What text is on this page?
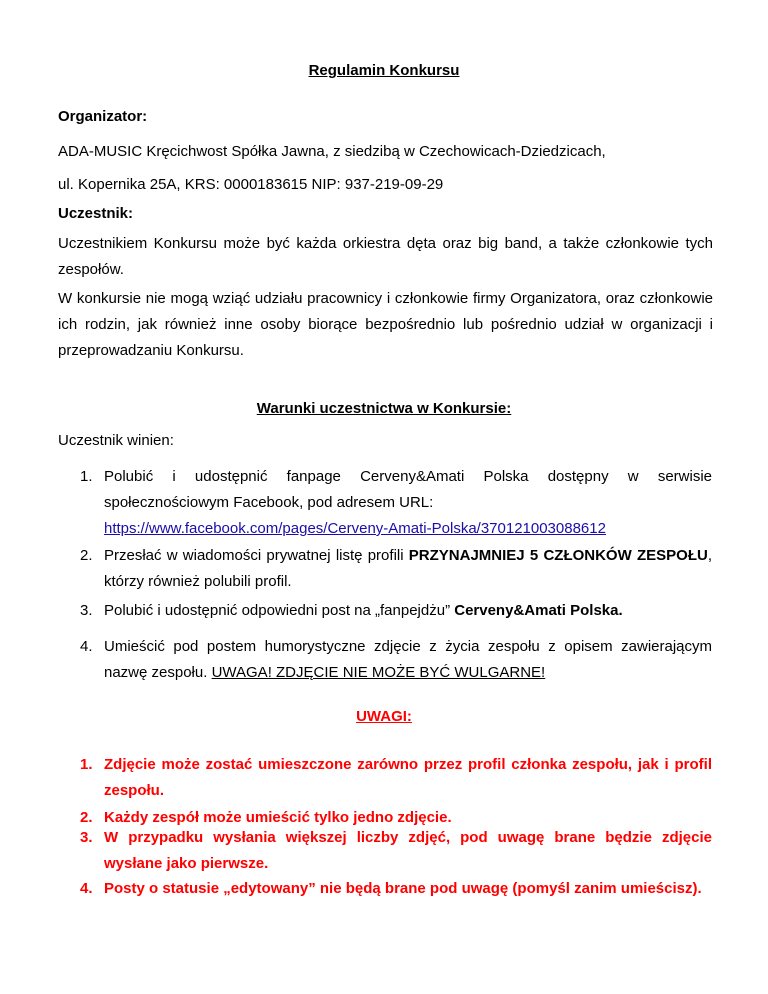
Regulamin Konkursu
Organizator:
ADA-MUSIC Kręcichwost Spółka Jawna, z siedzibą w Czechowicach-Dziedzicach,
ul. Kopernika 25A, KRS: 0000183615 NIP: 937-219-09-29
Uczestnik:
Uczestnikiem Konkursu może być każda orkiestra dęta oraz big band, a także członkowie tych zespołów.
W konkursie nie mogą wziąć udziału pracownicy i członkowie firmy Organizatora, oraz członkowie ich rodzin, jak również inne osoby biorące bezpośrednio lub pośrednio udział w organizacji i przeprowadzaniu Konkursu.
Warunki uczestnictwa w Konkursie:
Uczestnik winien:
1. Polubić i udostępnić fanpage Cerveny&Amati Polska dostępny w serwisie społecznościowym Facebook, pod adresem URL:
https://www.facebook.com/pages/Cerveny-Amati-Polska/370121003088612
2. Przesłać w wiadomości prywatnej listę profili PRZYNAJMNIEJ 5 CZŁONKÓW ZESPOŁU, którzy również polubili profil.
3. Polubić i udostępnić odpowiedni post na „fanpejdżu” Cerveny&Amati Polska.
4. Umieścić pod postem humorystyczne zdjęcie z życia zespołu z opisem zawierającym nazwę zespołu. UWAGA! ZDJĘCIE NIE MOŻE BYĆ WULGARNE!
UWAGI:
1. Zdjęcie może zostać umieszczone zarówno przez profil członka zespołu, jak i profil zespołu.
2. Każdy zespół może umieścić tylko jedno zdjęcie.
3. W przypadku wysłania większej liczby zdjęć, pod uwagę brane będzie zdjęcie wysłane jako pierwsze.
4. Posty o statusie „edytowany” nie będą brane pod uwagę (pomyśl zanim umieścisz).
